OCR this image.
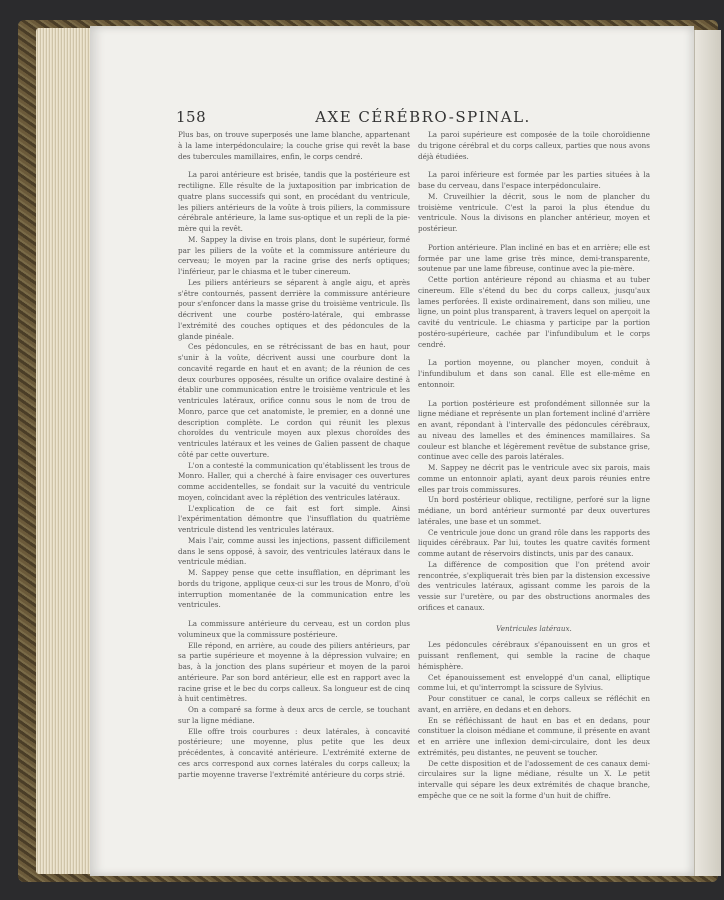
158	AXE CÉRÉBRO-SPINAL.

Plus bas, on trouve superposés une lame blanche, appartenant à la lame interpédonculaire; la couche grise qui revêt la base des tubercules mamillaires, enfin, le corps cendré.

La paroi antérieure est brisée, tandis que la postérieure est rectiligne. Elle résulte de la juxtaposition par imbrication de quatre plans successifs qui sont, en procédant du ventricule, les piliers antérieurs de la voûte à trois piliers, la commissure cérébrale antérieure, la lame sus-optique et un repli de la pie-mère qui la revêt.

M. Sappey la divise en trois plans, dont le supérieur, formé par les piliers de la voûte et la commissure antérieure du cerveau; le moyen par la racine grise des nerfs optiques; l'inférieur, par le chiasma et le tuber cinereum.

Les piliers antérieurs se séparent à angle aigu, et après s'être contournés, passent derrière la commissure antérieure pour s'enfoncer dans la masse grise du troisième ventricule. Ils décrivent une courbe postéro-latérale, qui embrasse l'extrémité des couches optiques et des pédoncules de la glande pinéale.

Ces pédoncules, en se rétrécissant de bas en haut, pour s'unir à la voûte, décrivent aussi une courbure dont la concavité regarde en haut et en avant; de la réunion de ces deux courbures opposées, résulte un orifice ovalaire destiné à établir une communication entre le troisième ventricule et les ventricules latéraux, orifice connu sous le nom de trou de Monro, parce que cet anatomiste, le premier, en a donné une description complète. Le cordon qui réunit les plexus choroïdes du ventricule moyen aux plexus choroïdes des ventricules latéraux et les veines de Galien passent de chaque côté par cette ouverture.

L'on a contesté la communication qu'établissent les trous de Monro. Haller, qui a cherché à faire envisager ces ouvertures comme accidentelles, se fondait sur la vacuité du ventricule moyen, coïncidant avec la réplétion des ventricules latéraux.

L'explication de ce fait est fort simple. Ainsi l'expérimentation démontre que l'insufflation du quatrième ventricule distend les ventricules latéraux.

Mais l'air, comme aussi les injections, passent difficilement dans le sens opposé, à savoir, des ventricules latéraux dans le ventricule médian.

M. Sappey pense que cette insufflation, en déprimant les bords du trigone, applique ceux-ci sur les trous de Monro, d'où interruption momentanée de la communication entre les ventricules.

La commissure antérieure du cerveau, est un cordon plus volumineux que la commissure postérieure.

Elle répond, en arrière, au coude des piliers antérieurs, par sa partie supérieure et moyenne à la dépression vulvaire; en bas, à la jonction des plans supérieur et moyen de la paroi antérieure. Par son bord antérieur, elle est en rapport avec la racine grise et le bec du corps calleux. Sa longueur est de cinq à huit centimètres.

On a comparé sa forme à deux arcs de cercle, se touchant sur la ligne médiane.

Elle offre trois courbures : deux latérales, à concavité postérieure; une moyenne, plus petite que les deux précédentes, à concavité antérieure. L'extrémité externe de ces arcs correspond aux cornes latérales du corps calleux; la partie moyenne traverse l'extrémité antérieure du corps strié.

La paroi supérieure est composée de la toile choroïdienne du trigone cérébral et du corps calleux, parties que nous avons déjà étudiées.

La paroi inférieure est formée par les parties situées à la base du cerveau, dans l'espace interpédonculaire.

M. Cruveilhier la décrit, sous le nom de plancher du troisième ventricule. C'est la paroi la plus étendue du ventricule. Nous la divisons en plancher antérieur, moyen et postérieur.

Portion antérieure. Plan incliné en bas et en arrière; elle est formée par une lame grise très mince, demi-transparente, soutenue par une lame fibreuse, continue avec la pie-mère.

Cette portion antérieure répond au chiasma et au tuber cinereum. Elle s'étend du bec du corps calleux, jusqu'aux lames perforées. Il existe ordinairement, dans son milieu, une ligne, un point plus transparent, à travers lequel on aperçoit la cavité du ventricule. Le chiasma y participe par la portion postéro-supérieure, cachée par l'infundibulum et le corps cendré.

La portion moyenne, ou plancher moyen, conduit à l'infundibulum et dans son canal. Elle est elle-même en entonnoir.

La portion postérieure est profondément sillonnée sur la ligne médiane et représente un plan fortement incliné d'arrière en avant, répondant à l'intervalle des pédoncules cérébraux, au niveau des lamelles et des éminences mamillaires. Sa couleur est blanche et légèrement revêtue de substance grise, continue avec celle des parois latérales.

M. Sappey ne décrit pas le ventricule avec six parois, mais comme un entonnoir aplati, ayant deux parois réunies entre elles par trois commissures.

Un bord postérieur oblique, rectiligne, perforé sur la ligne médiane, un bord antérieur surmonté par deux ouvertures latérales, une base et un sommet.

Ce ventricule joue donc un grand rôle dans les rapports des liquides cérébraux. Par lui, toutes les quatre cavités forment comme autant de réservoirs distincts, unis par des canaux.

La différence de composition que l'on prétend avoir rencontrée, s'expliquerait très bien par la distension excessive des ventricules latéraux, agissant comme les parois de la vessie sur l'uretère, ou par des obstructions anormales des orifices et canaux.

Ventricules latéraux.

Les pédoncules cérébraux s'épanouissent en un gros et puissant renflement, qui semble la racine de chaque hémisphère.

Cet épanouissement est enveloppé d'un canal, elliptique comme lui, et qu'interrompt la scissure de Sylvius.

Pour constituer ce canal, le corps calleux se réfléchit en avant, en arrière, en dedans et en dehors.

En se réfléchissant de haut en bas et en dedans, pour constituer la cloison médiane et commune, il présente en avant et en arrière une inflexion demi-circulaire, dont les deux extrémités, peu distantes, ne peuvent se toucher.

De cette disposition et de l'adossement de ces canaux demi-circulaires sur la ligne médiane, résulte un X. Le petit intervalle qui sépare les deux extrémités de chaque branche, empêche que ce ne soit la forme d'un huit de chiffre.
